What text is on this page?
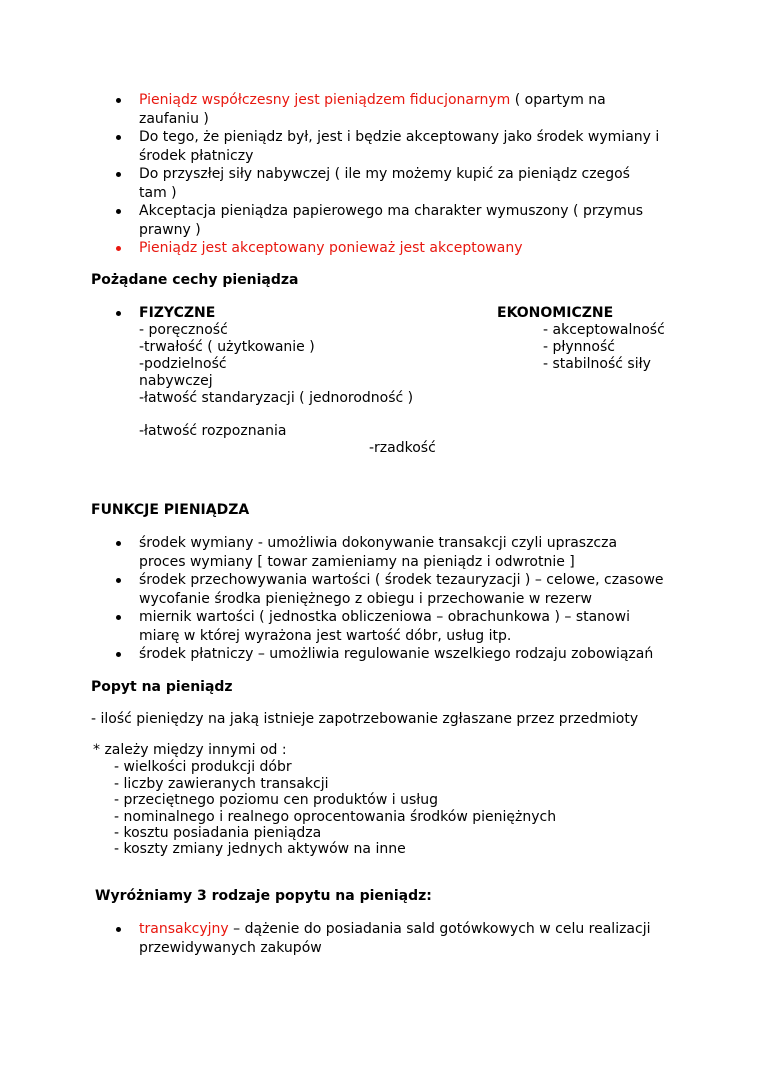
Pieniądz współczesny jest pieniądzem fiducjonarnym ( opartym na
zaufaniu )
Do tego, że pieniądz był, jest i będzie akceptowany jako środek wymiany i
środek płatniczy
Do przyszłej siły nabywczej ( ile my możemy kupić za pieniądz czegoś
tam )
Akceptacja pieniądza papierowego ma charakter wymuszony ( przymus
prawny )
Pieniądz jest akceptowany ponieważ jest akceptowany
Pożądane cechy pieniądza
FIZYCZNE	EKONOMICZNE
- poręczność
-trwałość ( użytkowanie )
-podzielność
nabywczej
-łatwość standaryzacji ( jednorodność )
-łatwość rozpoznania
- akceptowalność
- płynność
- stabilność siły
-rzadkość
FUNKCJE PIENIĄDZA
środek wymiany - umożliwia dokonywanie transakcji czyli upraszcza
proces wymiany [ towar zamieniamy na pieniądz i odwrotnie ]
środek przechowywania wartości ( środek tezauryzacji ) – celowe, czasowe
wycofanie środka pieniężnego z obiegu i przechowanie w rezerw
miernik wartości ( jednostka obliczeniowa – obrachunkowa ) – stanowi
miarę w której wyrażona jest wartość dóbr, usług itp.
środek płatniczy – umożliwia regulowanie wszelkiego rodzaju zobowiązań
Popyt na pieniądz
- ilość pieniędzy na jaką istnieje zapotrzebowanie zgłaszane przez przedmioty
* zależy między innymi od :
- wielkości produkcji dóbr
- liczby zawieranych transakcji
- przeciętnego poziomu cen produktów i usług
- nominalnego i realnego oprocentowania środków pieniężnych
- kosztu posiadania pieniądza
- koszty zmiany jednych aktywów na inne
Wyróżniamy 3 rodzaje popytu na pieniądz:
transakcyjny – dążenie do posiadania sald gotówkowych w celu realizacji
przewidywanych zakupów
